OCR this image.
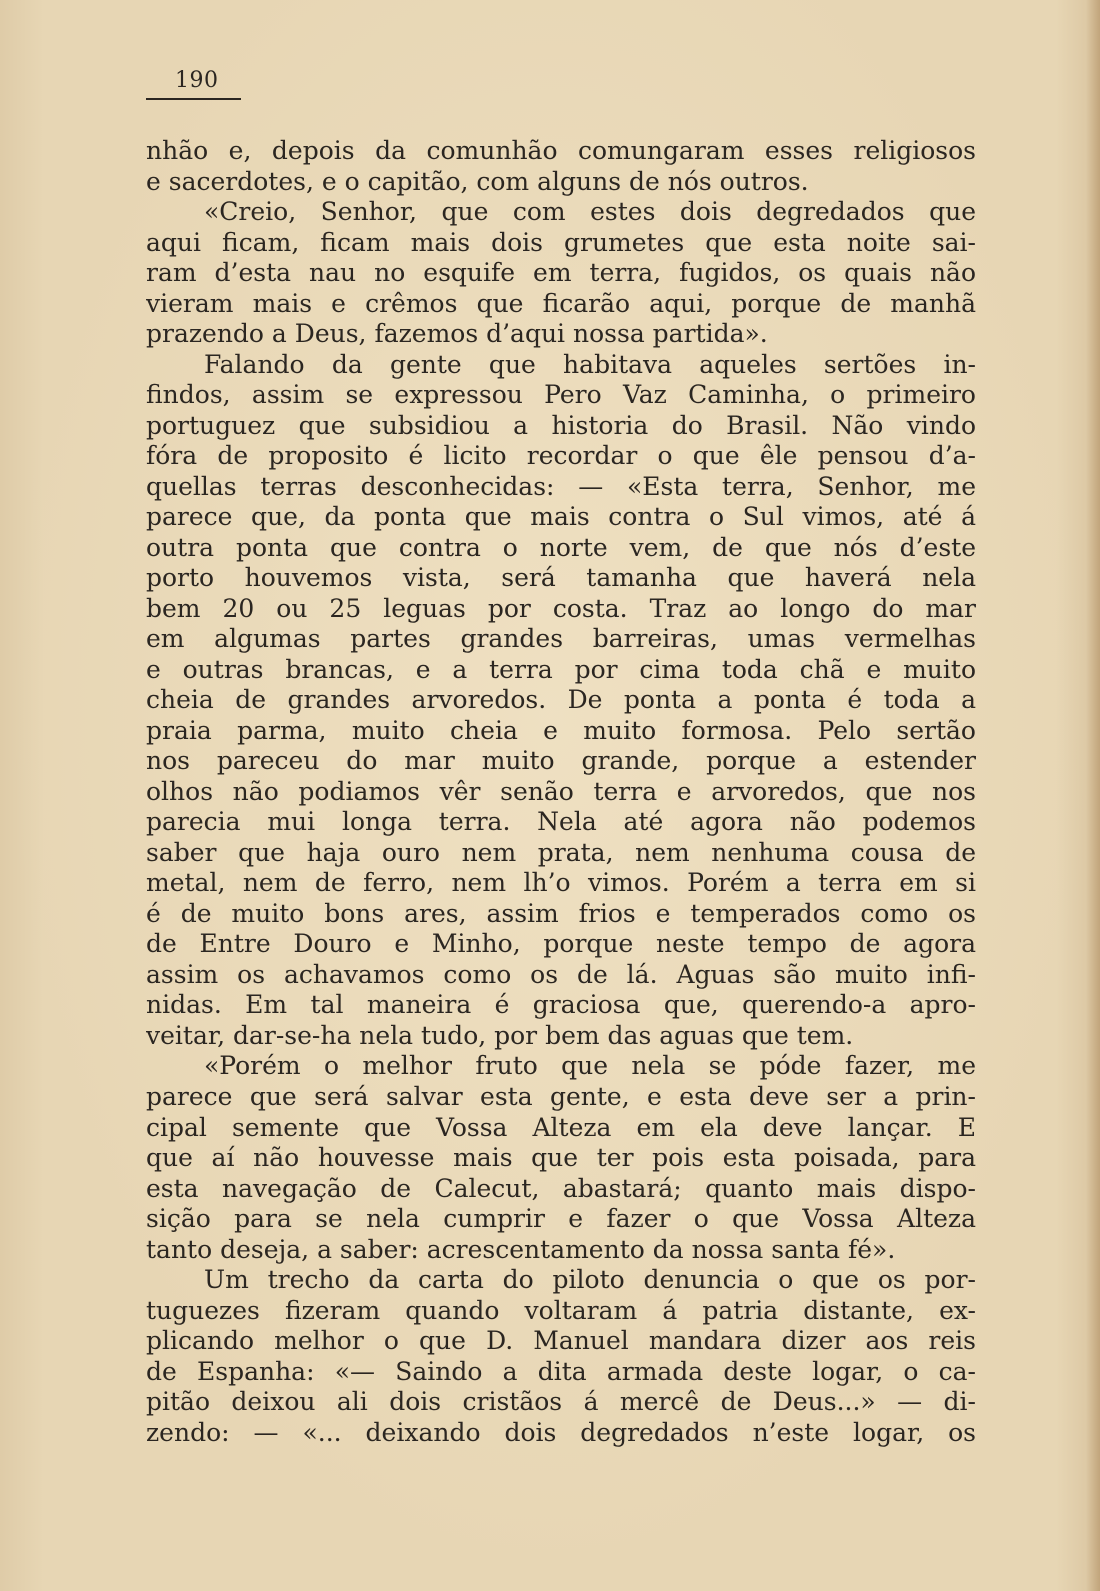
190
nhão e, depois da comunhão comungaram esses religiosos
e sacerdotes, e o capitão, com alguns de nós outros.
«Creio, Senhor, que com estes dois degredados que
aqui ficam, ficam mais dois grumetes que esta noite sai-
ram d’esta nau no esquife em terra, fugidos, os quais não
vieram mais e crêmos que ficarão aqui, porque de manhã
prazendo a Deus, fazemos d’aqui nossa partida».
Falando da gente que habitava aqueles sertões in-
findos, assim se expressou Pero Vaz Caminha, o primeiro
portuguez que subsidiou a historia do Brasil. Não vindo
fóra de proposito é licito recordar o que êle pensou d’a-
quellas terras desconhecidas: — «Esta terra, Senhor, me
parece que, da ponta que mais contra o Sul vimos, até á
outra ponta que contra o norte vem, de que nós d’este
porto houvemos vista, será tamanha que haverá nela
bem 20 ou 25 leguas por costa. Traz ao longo do mar
em algumas partes grandes barreiras, umas vermelhas
e outras brancas, e a terra por cima toda chã e muito
cheia de grandes arvoredos. De ponta a ponta é toda a
praia parma, muito cheia e muito formosa. Pelo sertão
nos pareceu do mar muito grande, porque a estender
olhos não podiamos vêr senão terra e arvoredos, que nos
parecia mui longa terra. Nela até agora não podemos
saber que haja ouro nem prata, nem nenhuma cousa de
metal, nem de ferro, nem lh’o vimos. Porém a terra em si
é de muito bons ares, assim frios e temperados como os
de Entre Douro e Minho, porque neste tempo de agora
assim os achavamos como os de lá. Aguas são muito infi-
nidas. Em tal maneira é graciosa que, querendo-a apro-
veitar, dar-se-ha nela tudo, por bem das aguas que tem.
«Porém o melhor fruto que nela se póde fazer, me
parece que será salvar esta gente, e esta deve ser a prin-
cipal semente que Vossa Alteza em ela deve lançar. E
que aí não houvesse mais que ter pois esta poisada, para
esta navegação de Calecut, abastará; quanto mais dispo-
sição para se nela cumprir e fazer o que Vossa Alteza
tanto deseja, a saber: acrescentamento da nossa santa fé».
Um trecho da carta do piloto denuncia o que os por-
tuguezes fizeram quando voltaram á patria distante, ex-
plicando melhor o que D. Manuel mandara dizer aos reis
de Espanha: «— Saindo a dita armada deste logar, o ca-
pitão deixou ali dois cristãos á mercê de Deus...» — di-
zendo: — «... deixando dois degredados n’este logar, os
